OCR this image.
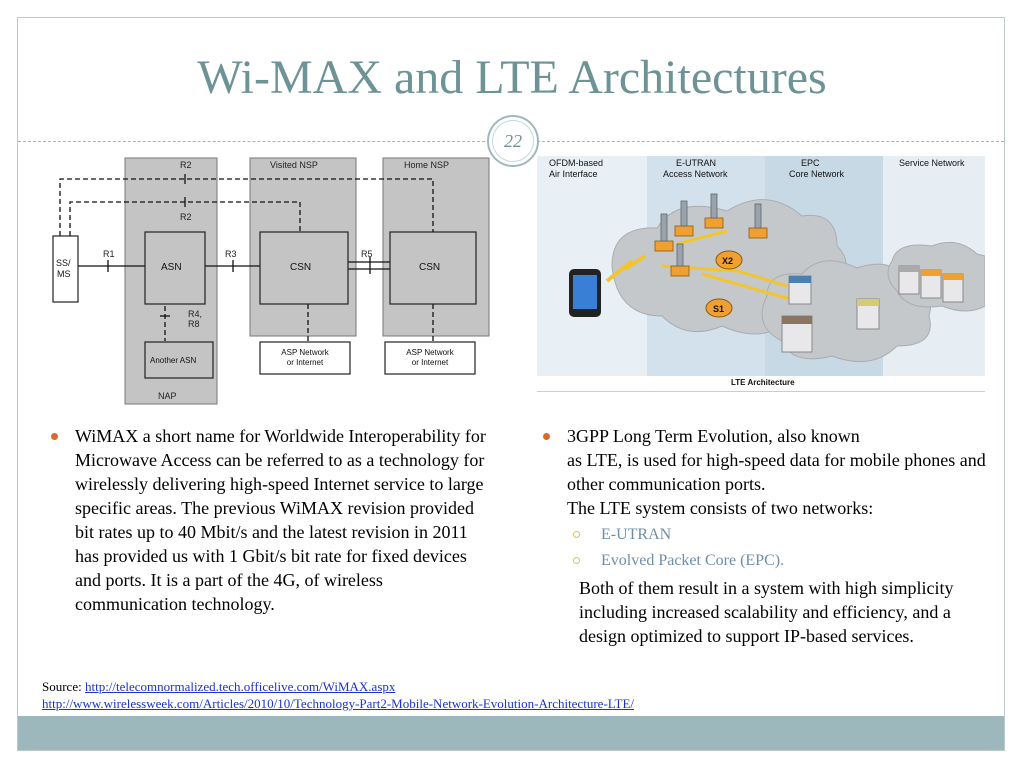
Wi-MAX and LTE Architectures
22
R2	Visited NSP	Home NSP
R2
R1	R3	R5
R4,
R8
NAP
SS/
MS
ASN	CSN	CSN
Another ASN
ASP Network
or Internet
ASP Network
or Internet
OFDM-based
Air Interface
E-UTRAN
Access Network
EPC
Core Network
Service Network
X2
S1
LTE Architecture

WiMAX a short name for Worldwide Interoperability for Microwave Access can be referred to as a technology for wirelessly delivering high-speed Internet service to large specific areas. The previous WiMAX revision provided bit rates up to 40 Mbit/s and the latest revision in 2011 has provided us with 1 Gbit/s bit rate for fixed devices and ports. It is a part of the 4G, of wireless communication technology.

3GPP Long Term Evolution, also known
as LTE, is used for high-speed data for mobile phones and other communication ports.
The LTE system consists of two networks:

E-UTRAN

Evolved Packet Core (EPC).

Both of them result in a system with high simplicity including increased scalability and efficiency, and a design optimized to support IP-based services.

Source: http://telecomnormalized.tech.officelive.com/WiMAX.aspx
http://www.wirelessweek.com/Articles/2010/10/Technology-Part2-Mobile-Network-Evolution-Architecture-LTE/
